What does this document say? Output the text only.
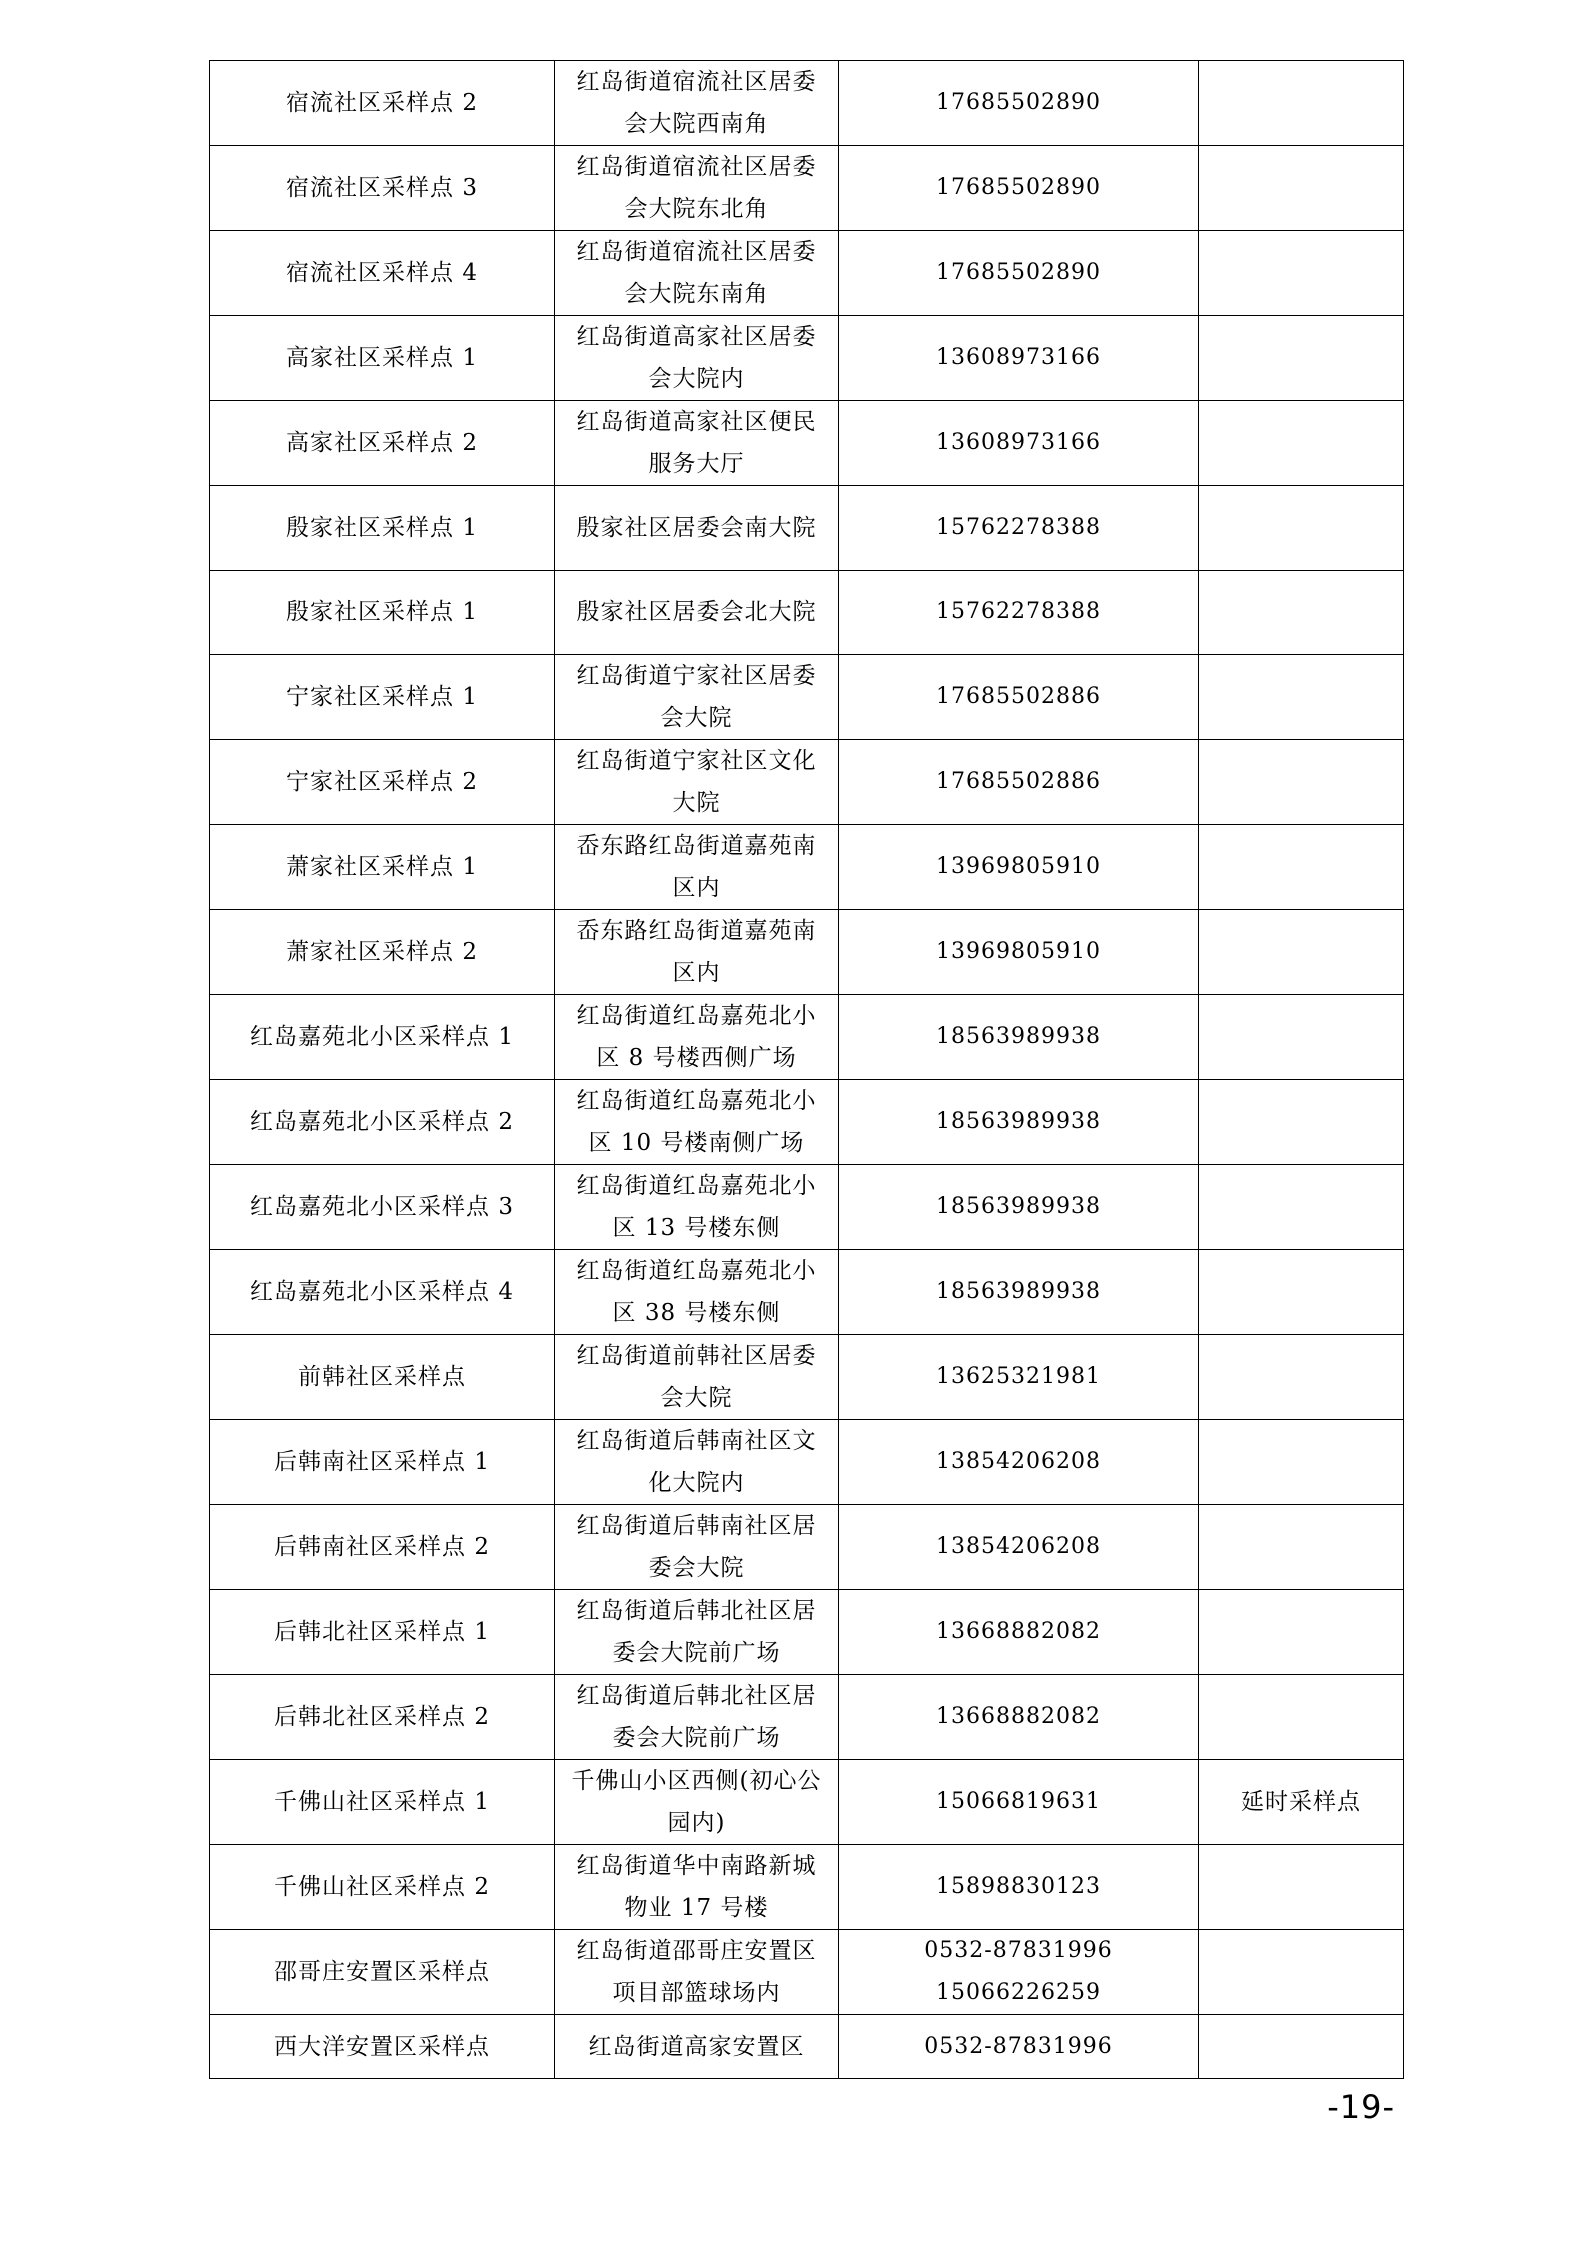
宿流社区采样点 2	红岛街道宿流社区居委会大院西南角	17685502890	

宿流社区采样点 3	红岛街道宿流社区居委会大院东北角	17685502890	

宿流社区采样点 4	红岛街道宿流社区居委会大院东南角	17685502890	

高家社区采样点 1	红岛街道高家社区居委会大院内	13608973166	

高家社区采样点 2	红岛街道高家社区便民服务大厅	13608973166	

殷家社区采样点 1	殷家社区居委会南大院	15762278388	

殷家社区采样点 1	殷家社区居委会北大院	15762278388	

宁家社区采样点 1	红岛街道宁家社区居委会大院	17685502886	

宁家社区采样点 2	红岛街道宁家社区文化大院	17685502886	

萧家社区采样点 1	岙东路红岛街道嘉苑南区内	13969805910	

萧家社区采样点 2	岙东路红岛街道嘉苑南区内	13969805910	

红岛嘉苑北小区采样点 1	红岛街道红岛嘉苑北小区 8 号楼西侧广场	18563989938	

红岛嘉苑北小区采样点 2	红岛街道红岛嘉苑北小区 10 号楼南侧广场	18563989938	

红岛嘉苑北小区采样点 3	红岛街道红岛嘉苑北小区 13 号楼东侧	18563989938	

红岛嘉苑北小区采样点 4	红岛街道红岛嘉苑北小区 38 号楼东侧	18563989938	

前韩社区采样点	红岛街道前韩社区居委会大院	13625321981	

后韩南社区采样点 1	红岛街道后韩南社区文化大院内	13854206208	

后韩南社区采样点 2	红岛街道后韩南社区居委会大院	13854206208	

后韩北社区采样点 1	红岛街道后韩北社区居委会大院前广场	13668882082	

后韩北社区采样点 2	红岛街道后韩北社区居委会大院前广场	13668882082	

千佛山社区采样点 1	千佛山小区西侧(初心公园内)	15066819631	延时采样点
千佛山社区采样点 2	红岛街道华中南路新城物业 17 号楼	15898830123	

邵哥庄安置区采样点	红岛街道邵哥庄安置区项目部篮球场内	0532-87831996
15066226259	

西大洋安置区采样点	红岛街道高家安置区	0532-87831996	

-19-
